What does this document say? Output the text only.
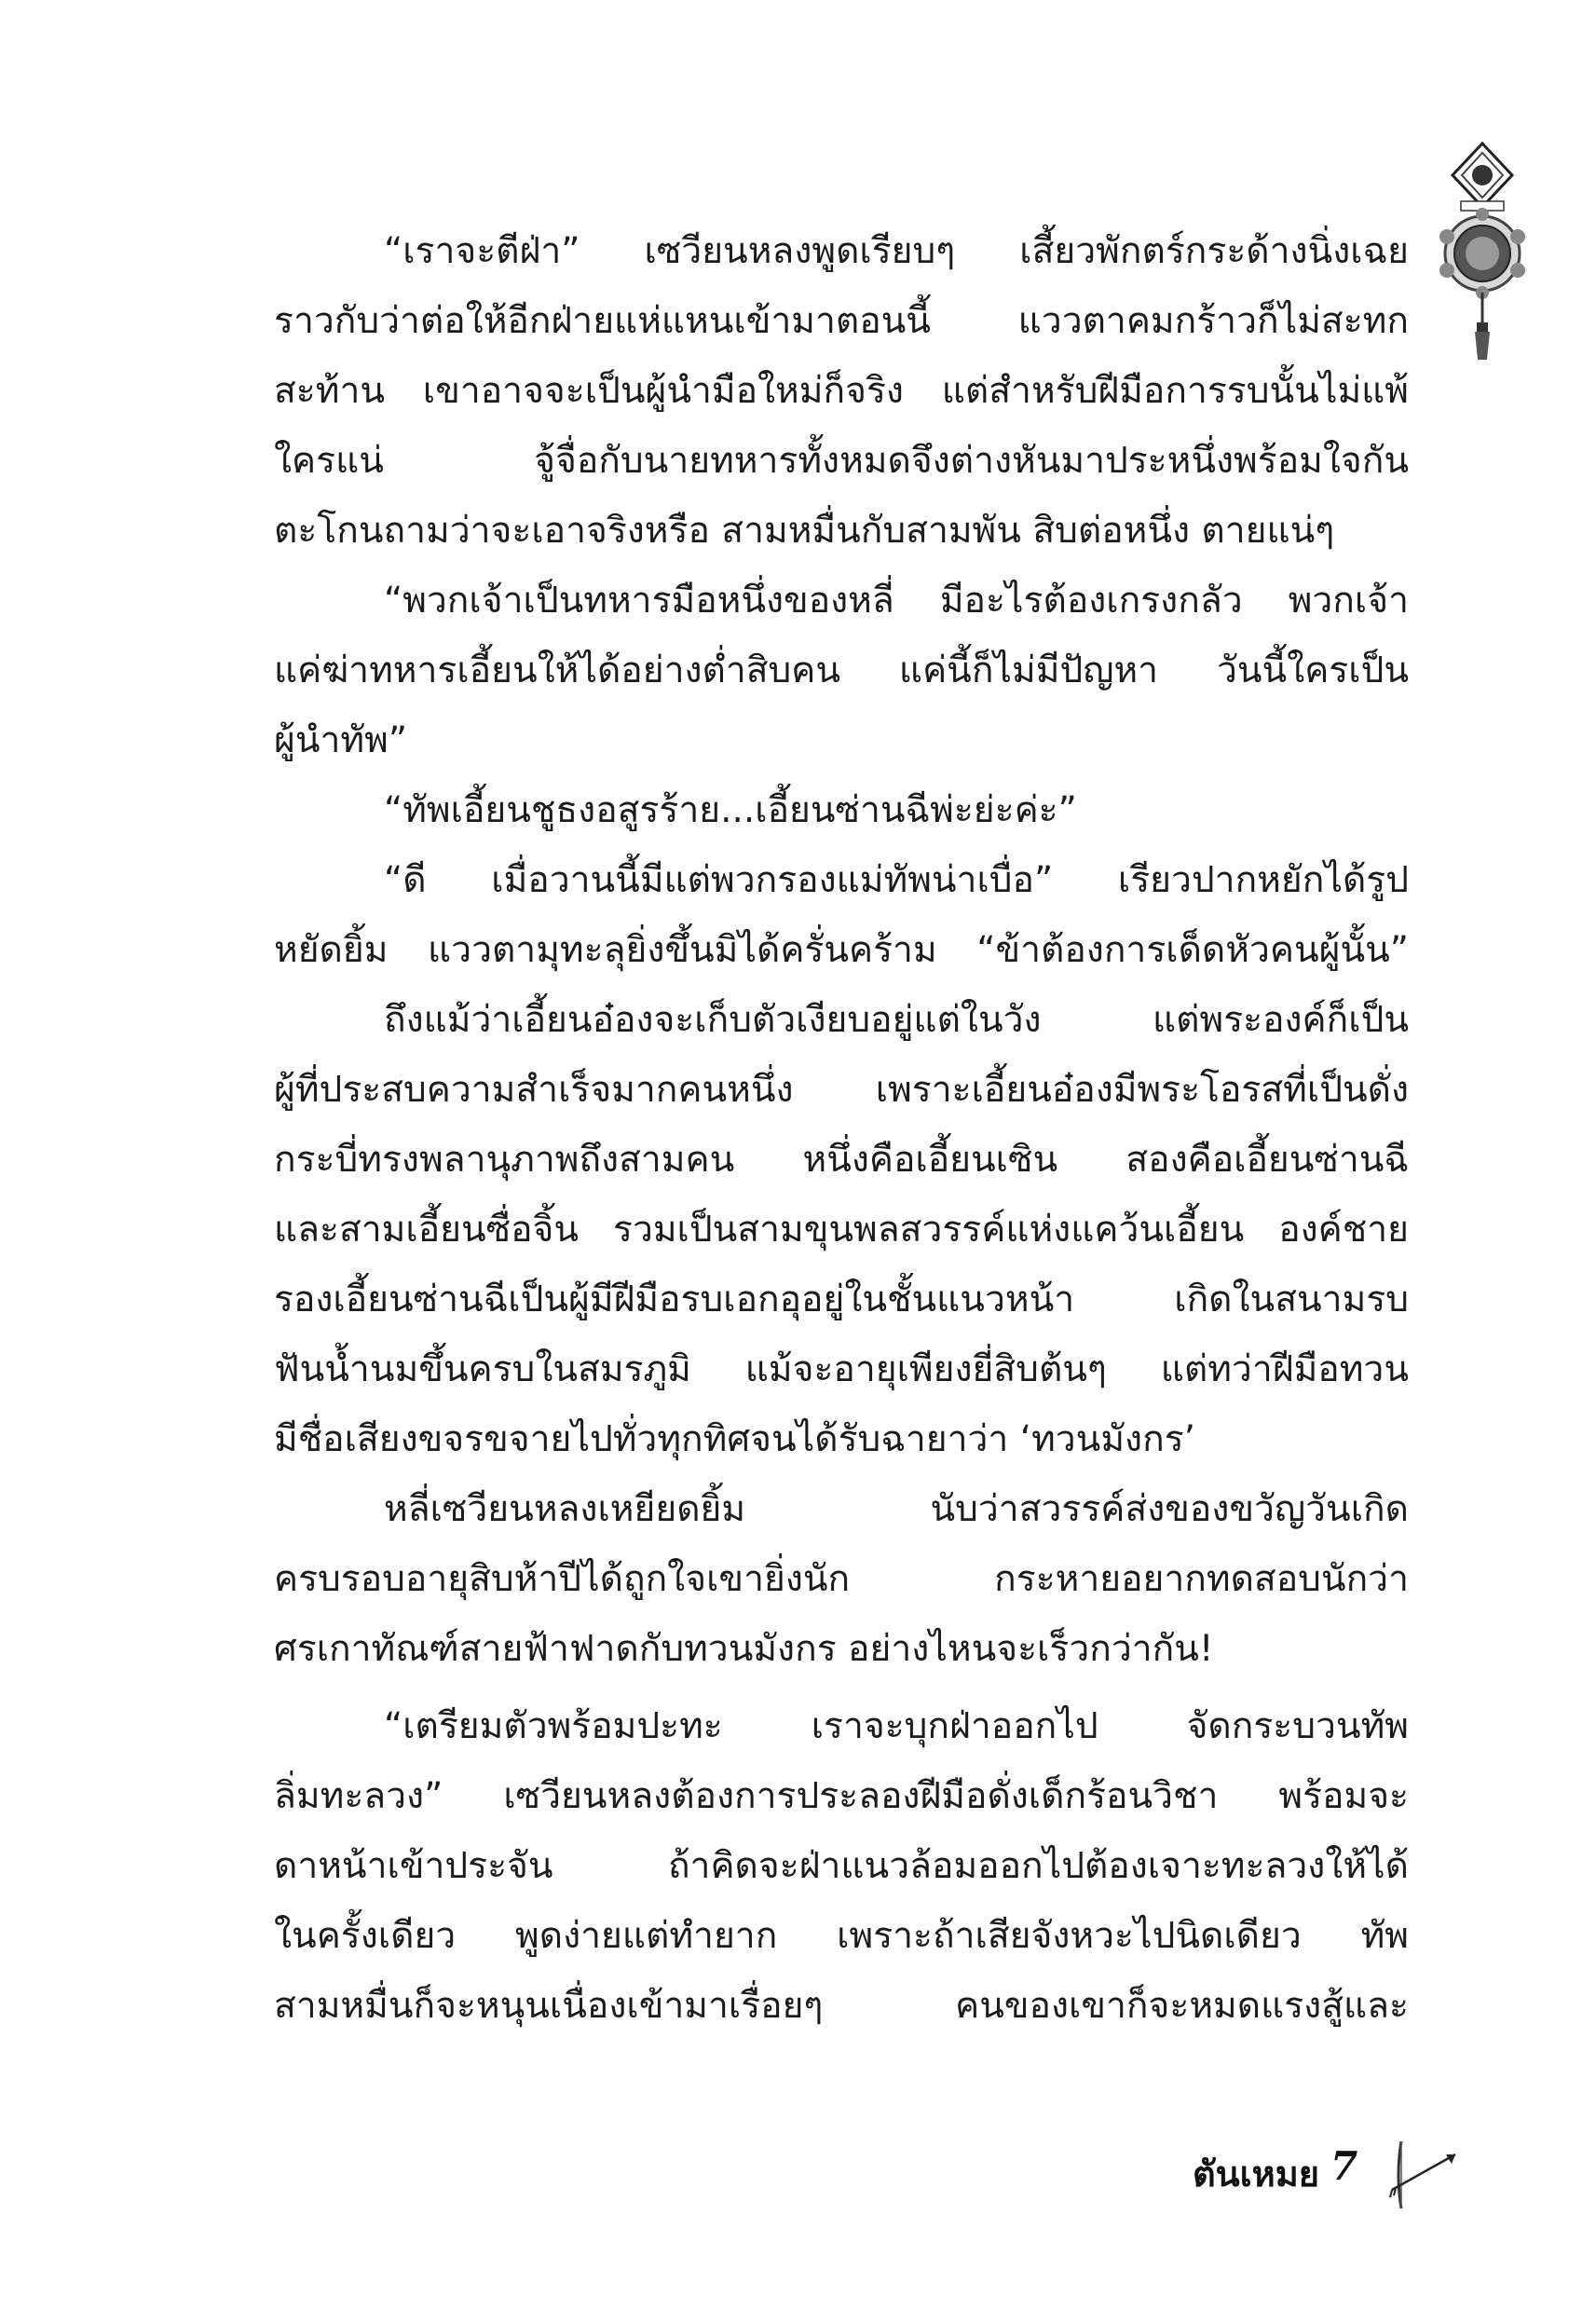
“เราจะตีฝ่า” เซวียนหลงพูดเรียบๆ เสี้ยวพักตร์กระด้างนิ่งเฉย
ราวกับว่าต่อให้อีกฝ่ายแห่แหนเข้ามาตอนนี้ แววตาคมกร้าวก็ไม่สะทก
สะท้าน เขาอาจจะเป็นผู้นำมือใหม่ก็จริง แต่สำหรับฝีมือการรบนั้นไม่แพ้
ใครแน่ จู้จื่อกับนายทหารทั้งหมดจึงต่างหันมาประหนึ่งพร้อมใจกัน
ตะโกนถามว่าจะเอาจริงหรือ สามหมื่นกับสามพัน สิบต่อหนึ่ง ตายแน่ๆ
“พวกเจ้าเป็นทหารมือหนึ่งของหลี่ มีอะไรต้องเกรงกลัว พวกเจ้า
แค่ฆ่าทหารเอี้ยนให้ได้อย่างต่ำสิบคน แค่นี้ก็ไม่มีปัญหา วันนี้ใครเป็น
ผู้นำทัพ”
“ทัพเอี้ยนชูธงอสูรร้าย...เอี้ยนซ่านฉีพ่ะย่ะค่ะ”
“ดี เมื่อวานนี้มีแต่พวกรองแม่ทัพน่าเบื่อ” เรียวปากหยักได้รูป
หยัดยิ้ม แววตามุทะลุยิ่งขึ้นมิได้ครั่นคร้าม “ข้าต้องการเด็ดหัวคนผู้นั้น”
ถึงแม้ว่าเอี้ยนอ๋องจะเก็บตัวเงียบอยู่แต่ในวัง แต่พระองค์ก็เป็น
ผู้ที่ประสบความสำเร็จมากคนหนึ่ง เพราะเอี้ยนอ๋องมีพระโอรสที่เป็นดั่ง
กระบี่ทรงพลานุภาพถึงสามคน หนึ่งคือเอี้ยนเซิน สองคือเอี้ยนซ่านฉี
และสามเอี้ยนซื่อจิ้น รวมเป็นสามขุนพลสวรรค์แห่งแคว้นเอี้ยน องค์ชาย
รองเอี้ยนซ่านฉีเป็นผู้มีฝีมือรบเอกอุอยู่ในชั้นแนวหน้า เกิดในสนามรบ
ฟันน้ำนมขึ้นครบในสมรภูมิ แม้จะอายุเพียงยี่สิบต้นๆ แต่ทว่าฝีมือทวน
มีชื่อเสียงขจรขจายไปทั่วทุกทิศจนได้รับฉายาว่า ‘ทวนมังกร’
หลี่เซวียนหลงเหยียดยิ้ม นับว่าสวรรค์ส่งของขวัญวันเกิด
ครบรอบอายุสิบห้าปีได้ถูกใจเขายิ่งนัก กระหายอยากทดสอบนักว่า
ศรเกาทัณฑ์สายฟ้าฟาดกับทวนมังกร อย่างไหนจะเร็วกว่ากัน!
“เตรียมตัวพร้อมปะทะ เราจะบุกฝ่าออกไป จัดกระบวนทัพ
ลิ่มทะลวง” เซวียนหลงต้องการประลองฝีมือดั่งเด็กร้อนวิชา พร้อมจะ
ดาหน้าเข้าประจัน ถ้าคิดจะฝ่าแนวล้อมออกไปต้องเจาะทะลวงให้ได้
ในครั้งเดียว พูดง่ายแต่ทำยาก เพราะถ้าเสียจังหวะไปนิดเดียว ทัพ
สามหมื่นก็จะหนุนเนื่องเข้ามาเรื่อยๆ คนของเขาก็จะหมดแรงสู้และ
ตันเหมย 7
